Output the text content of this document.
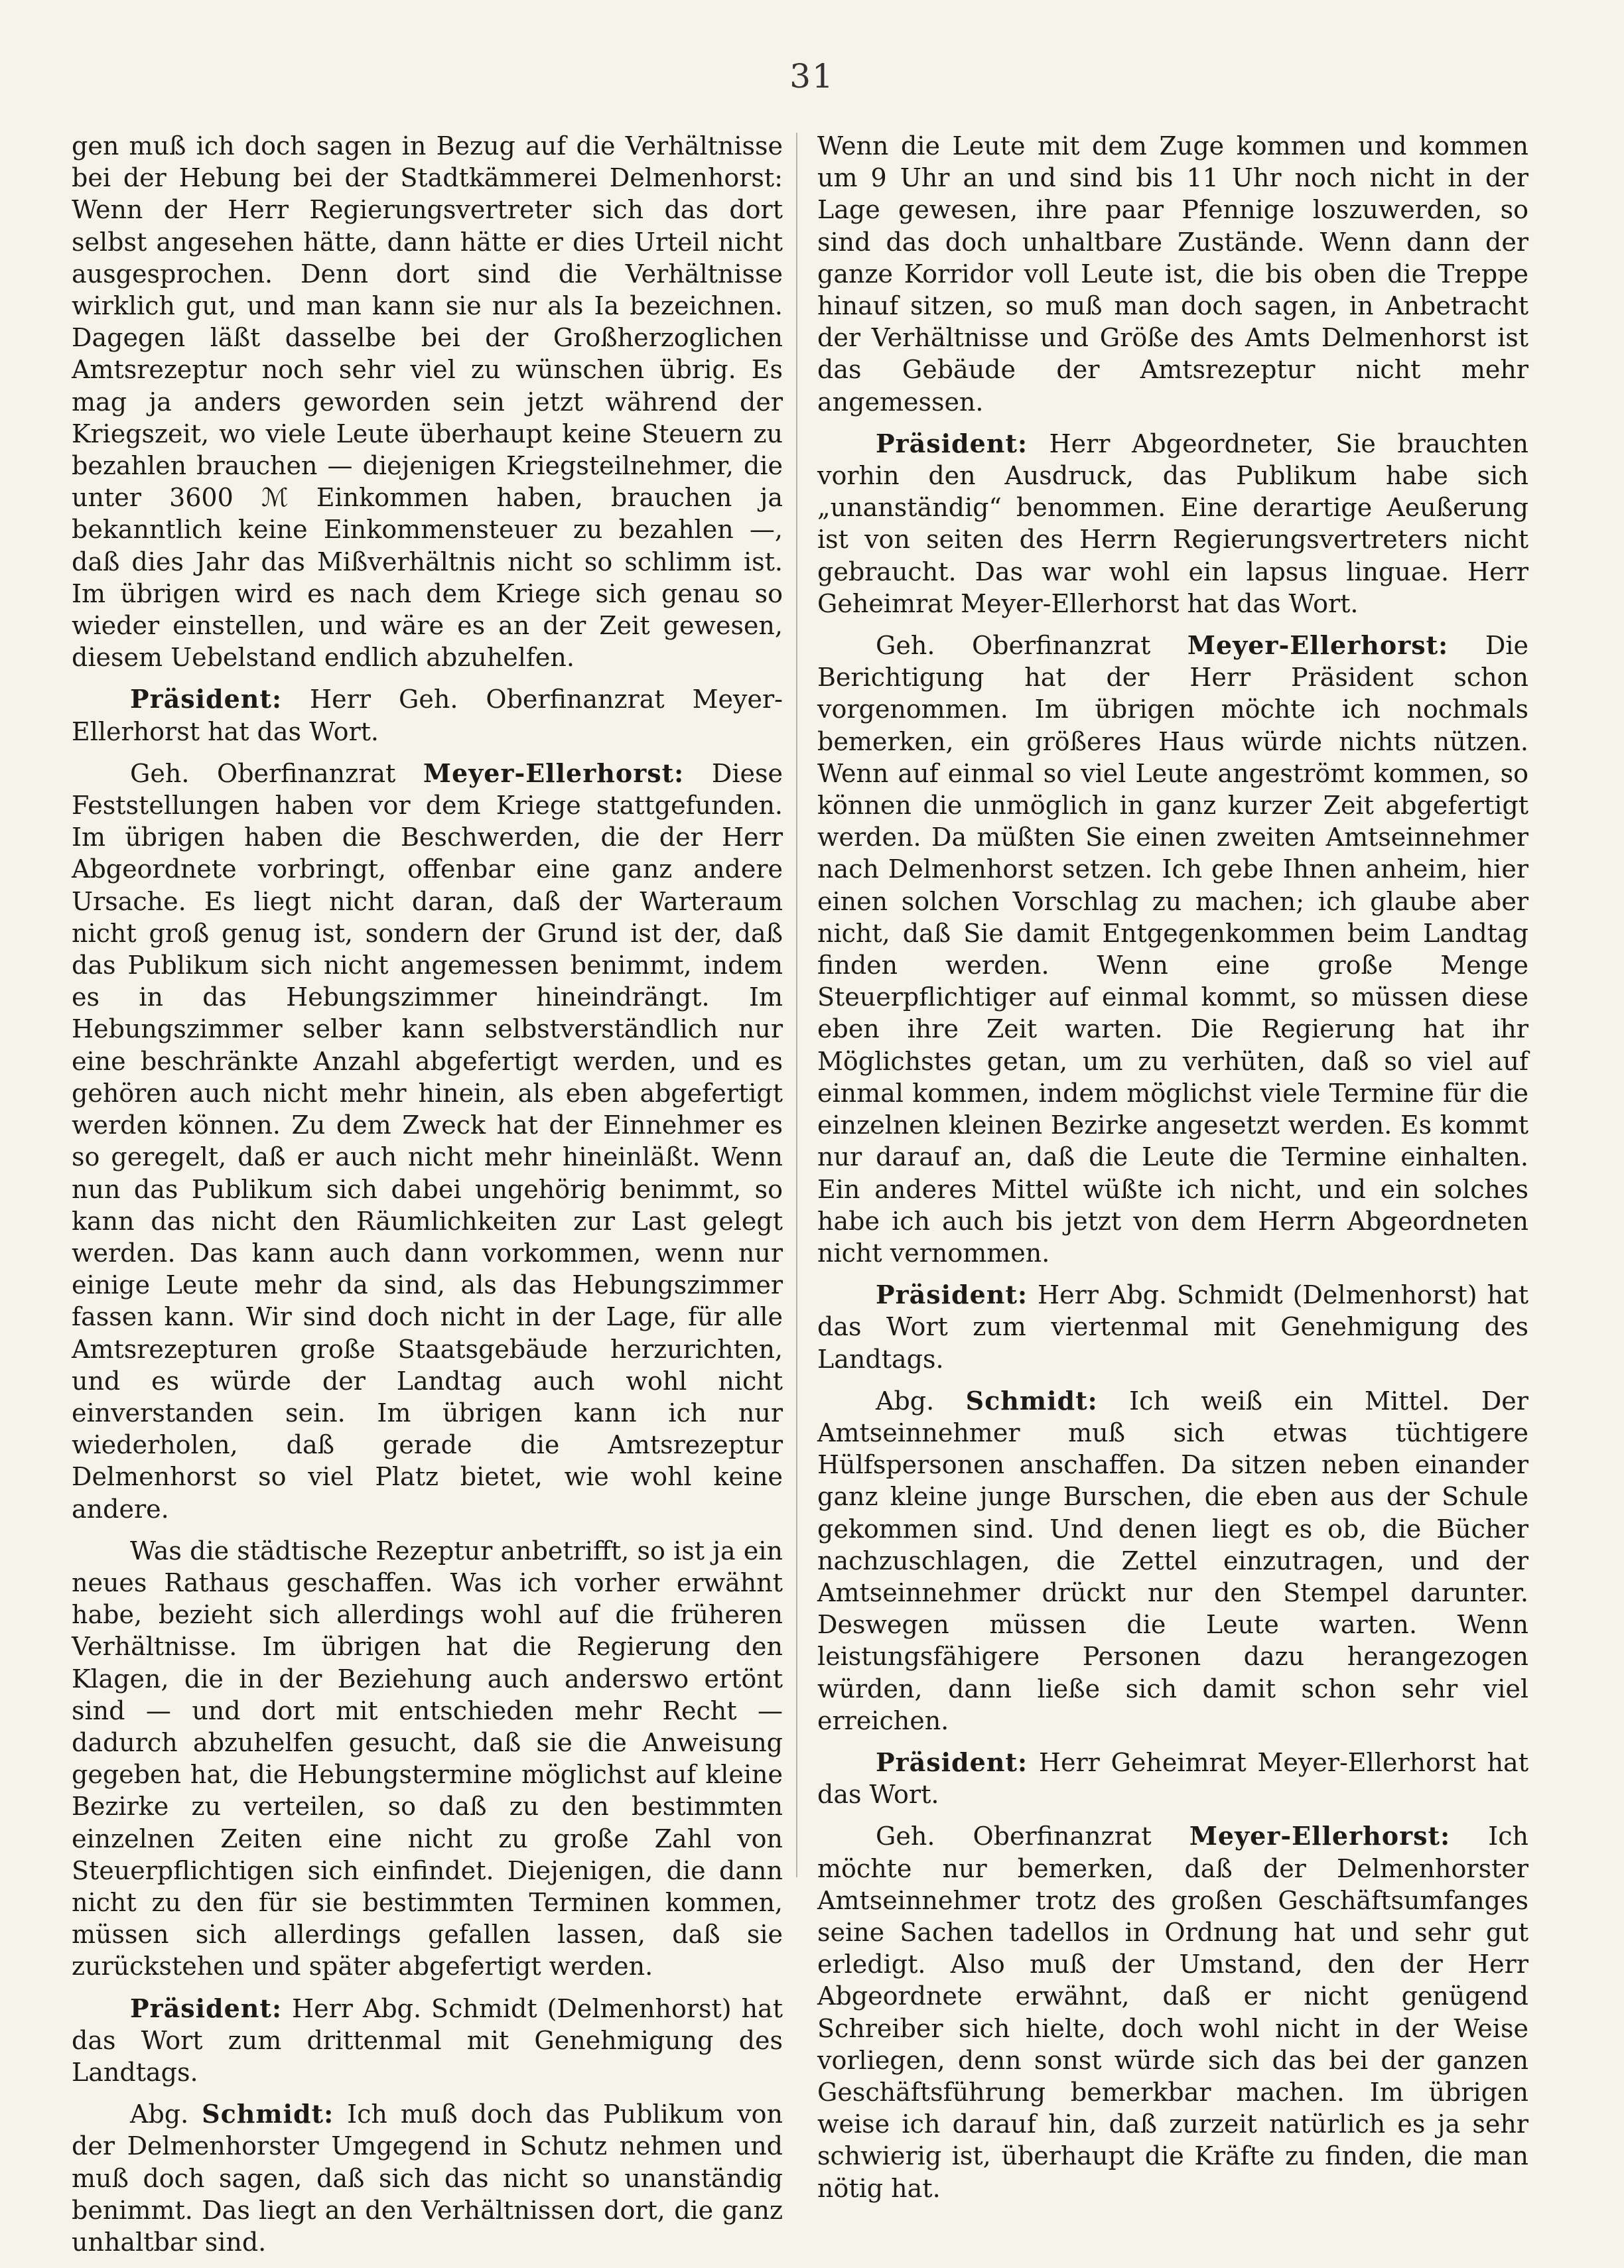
31

gen muß ich doch sagen in Bezug auf die Verhältnisse bei der Hebung bei der Stadtkämmerei Delmenhorst: Wenn der Herr Regierungsvertreter sich das dort selbst angesehen hätte, dann hätte er dies Urteil nicht ausgesprochen. Denn dort sind die Verhältnisse wirklich gut, und man kann sie nur als Ia bezeichnen. Dagegen läßt dasselbe bei der Großherzoglichen Amtsrezeptur noch sehr viel zu wünschen übrig. Es mag ja anders geworden sein jetzt während der Kriegszeit, wo viele Leute überhaupt keine Steuern zu bezahlen brauchen — diejenigen Kriegsteilnehmer, die unter 3600 ℳ Einkommen haben, brauchen ja bekanntlich keine Einkommensteuer zu bezahlen —, daß dies Jahr das Mißverhältnis nicht so schlimm ist. Im übrigen wird es nach dem Kriege sich genau so wieder einstellen, und wäre es an der Zeit gewesen, diesem Uebelstand endlich abzuhelfen.

Präsident: Herr Geh. Oberfinanzrat Meyer-Ellerhorst hat das Wort.

Geh. Oberfinanzrat Meyer-Ellerhorst: Diese Feststellungen haben vor dem Kriege stattgefunden. Im übrigen haben die Beschwerden, die der Herr Abgeordnete vorbringt, offenbar eine ganz andere Ursache. Es liegt nicht daran, daß der Warteraum nicht groß genug ist, sondern der Grund ist der, daß das Publikum sich nicht angemessen benimmt, indem es in das Hebungszimmer hineindrängt. Im Hebungszimmer selber kann selbstverständlich nur eine beschränkte Anzahl abgefertigt werden, und es gehören auch nicht mehr hinein, als eben abgefertigt werden können. Zu dem Zweck hat der Einnehmer es so geregelt, daß er auch nicht mehr hineinläßt. Wenn nun das Publikum sich dabei ungehörig benimmt, so kann das nicht den Räumlichkeiten zur Last gelegt werden. Das kann auch dann vorkommen, wenn nur einige Leute mehr da sind, als das Hebungszimmer fassen kann. Wir sind doch nicht in der Lage, für alle Amtsrezepturen große Staatsgebäude herzurichten, und es würde der Landtag auch wohl nicht einverstanden sein. Im übrigen kann ich nur wiederholen, daß gerade die Amtsrezeptur Delmenhorst so viel Platz bietet, wie wohl keine andere.

Was die städtische Rezeptur anbetrifft, so ist ja ein neues Rathaus geschaffen. Was ich vorher erwähnt habe, bezieht sich allerdings wohl auf die früheren Verhältnisse. Im übrigen hat die Regierung den Klagen, die in der Beziehung auch anderswo ertönt sind — und dort mit entschieden mehr Recht — dadurch abzuhelfen gesucht, daß sie die Anweisung gegeben hat, die Hebungstermine möglichst auf kleine Bezirke zu verteilen, so daß zu den bestimmten einzelnen Zeiten eine nicht zu große Zahl von Steuerpflichtigen sich einfindet. Diejenigen, die dann nicht zu den für sie bestimmten Terminen kommen, müssen sich allerdings gefallen lassen, daß sie zurückstehen und später abgefertigt werden.

Präsident: Herr Abg. Schmidt (Delmenhorst) hat das Wort zum drittenmal mit Genehmigung des Landtags.

Abg. Schmidt: Ich muß doch das Publikum von der Delmenhorster Umgegend in Schutz nehmen und muß doch sagen, daß sich das nicht so unanständig benimmt. Das liegt an den Verhältnissen dort, die ganz unhaltbar sind.

Wenn die Leute mit dem Zuge kommen und kommen um 9 Uhr an und sind bis 11 Uhr noch nicht in der Lage gewesen, ihre paar Pfennige loszuwerden, so sind das doch unhaltbare Zustände. Wenn dann der ganze Korridor voll Leute ist, die bis oben die Treppe hinauf sitzen, so muß man doch sagen, in Anbetracht der Verhältnisse und Größe des Amts Delmenhorst ist das Gebäude der Amtsrezeptur nicht mehr angemessen.

Präsident: Herr Abgeordneter, Sie brauchten vorhin den Ausdruck, das Publikum habe sich „unanständig“ benommen. Eine derartige Aeußerung ist von seiten des Herrn Regierungsvertreters nicht gebraucht. Das war wohl ein lapsus linguae. Herr Geheimrat Meyer-Ellerhorst hat das Wort.

Geh. Oberfinanzrat Meyer-Ellerhorst: Die Berichtigung hat der Herr Präsident schon vorgenommen. Im übrigen möchte ich nochmals bemerken, ein größeres Haus würde nichts nützen. Wenn auf einmal so viel Leute angeströmt kommen, so können die unmöglich in ganz kurzer Zeit abgefertigt werden. Da müßten Sie einen zweiten Amtseinnehmer nach Delmenhorst setzen. Ich gebe Ihnen anheim, hier einen solchen Vorschlag zu machen; ich glaube aber nicht, daß Sie damit Entgegenkommen beim Landtag finden werden. Wenn eine große Menge Steuerpflichtiger auf einmal kommt, so müssen diese eben ihre Zeit warten. Die Regierung hat ihr Möglichstes getan, um zu verhüten, daß so viel auf einmal kommen, indem möglichst viele Termine für die einzelnen kleinen Bezirke angesetzt werden. Es kommt nur darauf an, daß die Leute die Termine einhalten. Ein anderes Mittel wüßte ich nicht, und ein solches habe ich auch bis jetzt von dem Herrn Abgeordneten nicht vernommen.

Präsident: Herr Abg. Schmidt (Delmenhorst) hat das Wort zum viertenmal mit Genehmigung des Landtags.

Abg. Schmidt: Ich weiß ein Mittel. Der Amtseinnehmer muß sich etwas tüchtigere Hülfspersonen anschaffen. Da sitzen neben einander ganz kleine junge Burschen, die eben aus der Schule gekommen sind. Und denen liegt es ob, die Bücher nachzuschlagen, die Zettel einzutragen, und der Amtseinnehmer drückt nur den Stempel darunter. Deswegen müssen die Leute warten. Wenn leistungsfähigere Personen dazu herangezogen würden, dann ließe sich damit schon sehr viel erreichen.

Präsident: Herr Geheimrat Meyer-Ellerhorst hat das Wort.

Geh. Oberfinanzrat Meyer-Ellerhorst: Ich möchte nur bemerken, daß der Delmenhorster Amtseinnehmer trotz des großen Geschäftsumfanges seine Sachen tadellos in Ordnung hat und sehr gut erledigt. Also muß der Umstand, den der Herr Abgeordnete erwähnt, daß er nicht genügend Schreiber sich hielte, doch wohl nicht in der Weise vorliegen, denn sonst würde sich das bei der ganzen Geschäftsführung bemerkbar machen. Im übrigen weise ich darauf hin, daß zurzeit natürlich es ja sehr schwierig ist, überhaupt die Kräfte zu finden, die man nötig hat.
